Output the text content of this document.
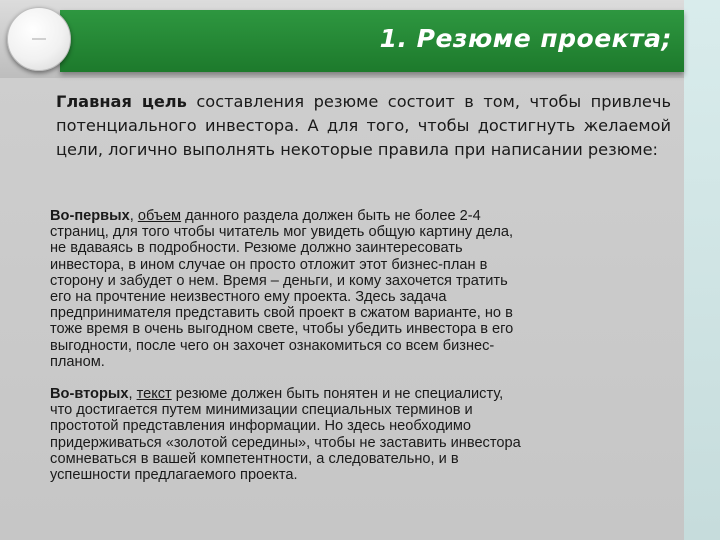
1. Резюме проекта;
Главная цель составления резюме состоит в том, чтобы привлечь потенциального инвестора. А для того, чтобы достигнуть желаемой цели, логично выполнять некоторые правила при написании резюме:
Во-первых, объем данного раздела должен быть не более 2-4
страниц, для того чтобы читатель мог увидеть общую картину дела,
не вдаваясь в подробности. Резюме должно заинтересовать
инвестора, в ином случае он просто отложит этот бизнес-план в
сторону и забудет о нем. Время – деньги, и кому захочется тратить
его на прочтение неизвестного ему проекта. Здесь задача
предпринимателя представить свой проект в сжатом варианте, но в
тоже время в очень выгодном свете, чтобы убедить инвестора в его
выгодности, после чего он захочет ознакомиться со всем бизнес-
планом.
Во-вторых, текст резюме должен быть понятен и не специалисту,
что достигается путем минимизации специальных терминов и
простотой представления информации. Но здесь необходимо
придерживаться «золотой середины», чтобы не заставить инвестора
сомневаться в вашей компетентности, а следовательно, и в
успешности предлагаемого проекта.
